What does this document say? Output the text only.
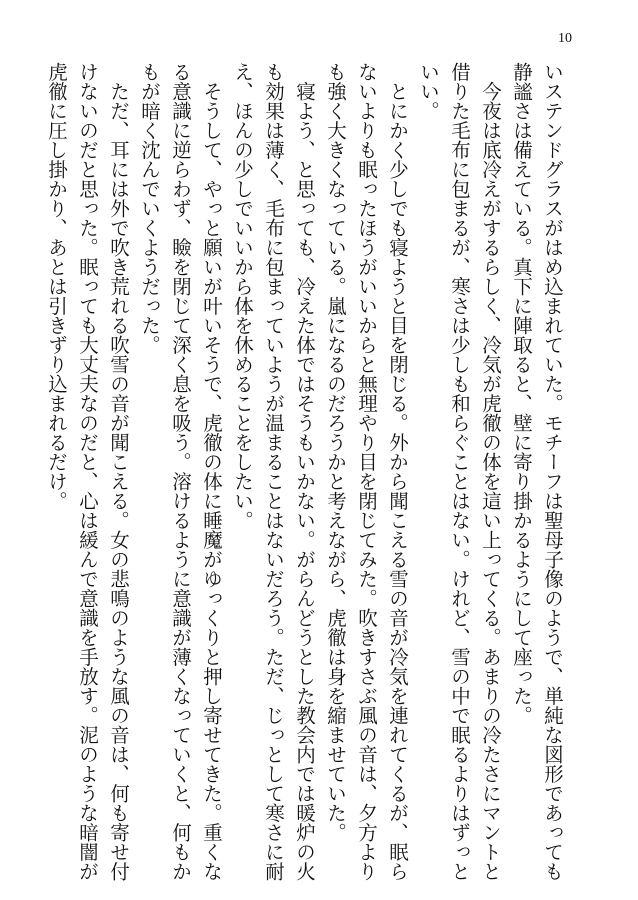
10
いステンドグラスがはめ込まれていた。モチーフは聖母子像のようで、単純な図形であっても
静謐さは備えている。真下に陣取ると、壁に寄り掛かるようにして座った。
　今夜は底冷えがするらしく、冷気が虎徹の体を這い上ってくる。あまりの冷たさにマントと
借りた毛布に包まるが、寒さは少しも和らぐことはない。けれど、雪の中で眠るよりはずっと
いい。
　とにかく少しでも寝ようと目を閉じる。外から聞こえる雪の音が冷気を連れてくるが、眠ら
ないよりも眠ったほうがいいからと無理やり目を閉じてみた。吹きすさぶ風の音は、夕方より
も強く大きくなっている。嵐になるのだろうかと考えながら、虎徹は身を縮ませていた。
　寝よう、と思っても、冷えた体ではそうもいかない。がらんどうとした教会内では暖炉の火
も効果は薄く、毛布に包まっていようが温まることはないだろう。ただ、じっとして寒さに耐
え、ほんの少しでいいから体を休めることをしたい。
　そうして、やっと願いが叶いそうで、虎徹の体に睡魔がゆっくりと押し寄せてきた。重くな
る意識に逆らわず、瞼を閉じて深く息を吸う。溶けるように意識が薄くなっていくと、何もか
もが暗く沈んでいくようだった。
　ただ、耳には外で吹き荒れる吹雪の音が聞こえる。女の悲鳴のような風の音は、何も寄せ付
けないのだと思った。眠っても大丈夫なのだと、心は緩んで意識を手放す。泥のような暗闇が
虎徹に圧し掛かり、あとは引きずり込まれるだけ。
